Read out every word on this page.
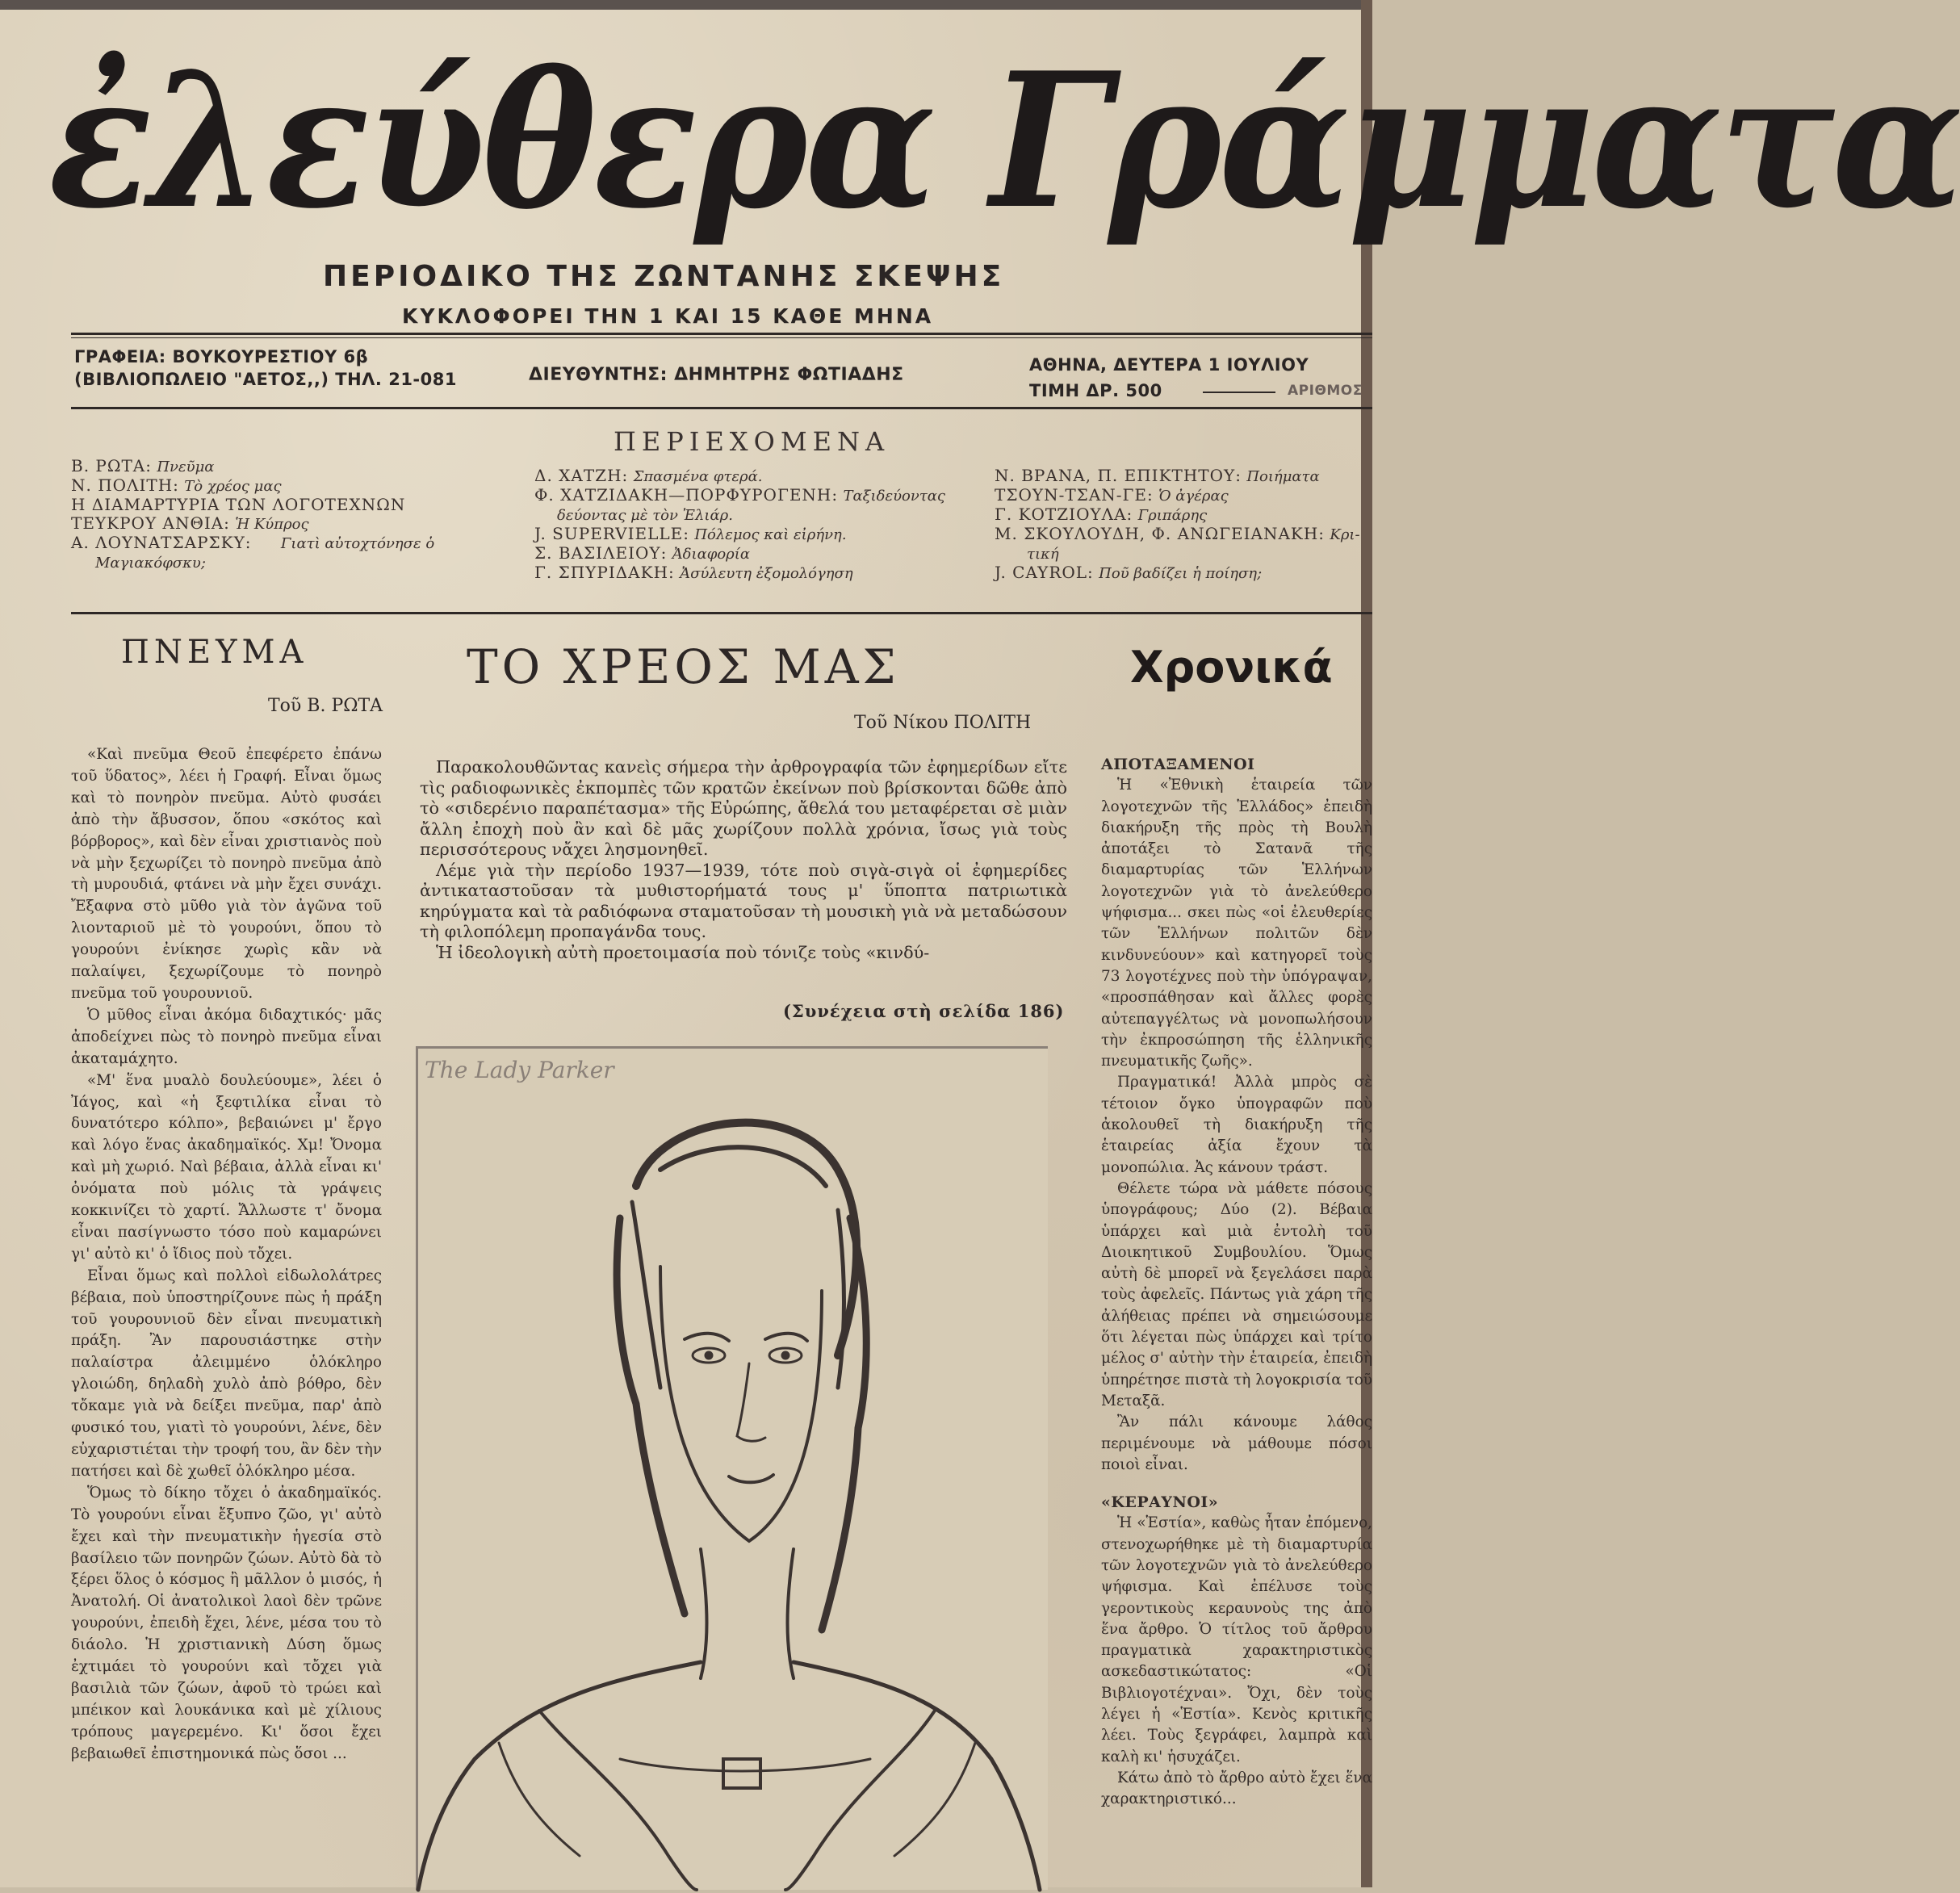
ἐλεύθερα Γράμματα
ΠΕΡΙΟΔΙΚΟ ΤΗΣ ΖΩΝΤΑΝΗΣ ΣΚΕΨΗΣ
ΚΥΚΛΟΦΟΡΕΙ ΤΗΝ 1 ΚΑΙ 15 ΚΑΘΕ ΜΗΝΑ
ΓΡΑΦΕΙΑ: ΒΟΥΚΟΥΡΕΣΤΙΟΥ 6β
(ΒΙΒΛΙΟΠΩΛΕΙΟ "ΑΕΤΟΣ,,) ΤΗΛ. 21-081	ΔΙΕΥΘΥΝΤΗΣ: ΔΗΜΗΤΡΗΣ ΦΩΤΙΑΔΗΣ	ΑΘΗΝΑ, ΔΕΥΤΕΡΑ 1 ΙΟΥΛΙΟΥ
ΤΙΜΗ ΔΡ. 500	ΑΡΙΘΜΟΣ
ΠΕΡΙΕΧΟΜΕΝΑ
Β. ΡΩΤΑ: Πνεῦμα
Ν. ΠΟΛΙΤΗ: Τὸ χρέος μας
Η ΔΙΑΜΑΡΤΥΡΙΑ ΤΩΝ ΛΟΓΟΤΕΧΝΩΝ
ΤΕΥΚΡΟΥ ΑΝΘΙΑ: Ἡ Κύπρος
Α. ΛΟΥΝΑΤΣΑΡΣΚΥ: Γιατὶ αὐτοχτόνησε ὁ
Μαγιακόφσκυ;
Δ. ΧΑΤΖΗ: Σπασμένα φτερά.
Φ. ΧΑΤΖΙΔΑΚΗ—ΠΟΡΦΥΡΟΓΕΝΗ: Ταξιδεύοντας
δεύοντας μὲ τὸν Ἐλιάρ.
J. SUPERVIELLE: Πόλεμος καὶ εἰρήνη.
Σ. ΒΑΣΙΛΕΙΟΥ: Ἀδιαφορία
Γ. ΣΠΥΡΙΔΑΚΗ: Ἀσύλευτη ἐξομολόγηση
Ν. ΒΡΑΝΑ, Π. ΕΠΙΚΤΗΤΟΥ: Ποιήματα
ΤΣΟΥΝ-ΤΣΑΝ-ΓΕ: Ὁ ἀγέρας
Γ. ΚΟΤΖΙΟΥΛΑ: Γριπάρης
Μ. ΣΚΟΥΛΟΥΔΗ, Φ. ΑΝΩΓΕΙΑΝΑΚΗ: Κρι-
τική
J. CAYROL: Ποῦ βαδίζει ἡ ποίηση;
ΠΝΕΥΜΑ
Τοῦ Β. ΡΩΤΑ

«Καὶ πνεῦμα Θεοῦ ἐπεφέρετο ἐπάνω τοῦ ὕδατος», λέει ἡ Γραφή. Εἶναι ὅμως καὶ τὸ πονηρὸν πνεῦμα. Αὐτὸ φυσάει ἀπὸ τὴν ἄβυσσον, ὅπου «σκότος καὶ βόρβορος», καὶ δὲν εἶναι χριστιανὸς ποὺ νὰ μὴν ξεχωρίζει τὸ πονηρὸ πνεῦμα ἀπὸ τὴ μυρουδιά, φτάνει νὰ μὴν ἔχει συνάχι. Ἔξαφνα στὸ μῦθο γιὰ τὸν ἀγῶνα τοῦ λιονταριοῦ μὲ τὸ γουρούνι, ὅπου τὸ γουρούνι ἐνίκησε χωρὶς κἂν νὰ παλαίψει, ξεχωρίζουμε τὸ πονηρὸ πνεῦμα τοῦ γουρουνιοῦ.

Ὁ μῦθος εἶναι ἀκόμα διδαχτικός· μᾶς ἀποδείχνει πὼς τὸ πονηρὸ πνεῦμα εἶναι ἀκαταμάχητο.

«Μ' ἕνα μυαλὸ δουλεύουμε», λέει ὁ Ἰάγος, καὶ «ἡ ξεφτιλίκα εἶναι τὸ δυνατότερο κόλπο», βεβαιώνει μ' ἔργο καὶ λόγο ἕνας ἀκαδημαϊκός. Χμ! Ὄνομα καὶ μὴ χωριό. Ναὶ βέβαια, ἀλλὰ εἶναι κι' ὀνόματα ποὺ μόλις τὰ γράψεις κοκκινίζει τὸ χαρτί. Ἄλλωστε τ' ὄνομα εἶναι πασίγνωστο τόσο ποὺ καμαρώνει γι' αὐτὸ κι' ὁ ἴδιος ποὺ τὄχει.

Εἶναι ὅμως καὶ πολλοὶ εἰδωλολάτρες βέβαια, ποὺ ὑποστηρίζουνε πὼς ἡ πράξη τοῦ γουρουνιοῦ δὲν εἶναι πνευματικὴ πράξη. Ἂν παρουσιάστηκε στὴν παλαίστρα ἀλειμμένο ὁλόκληρο γλοιώδη, δηλαδὴ χυλὸ ἀπὸ βόθρο, δὲν τὄκαμε γιὰ νὰ δείξει πνεῦμα, παρ' ἀπὸ φυσικό του, γιατὶ τὸ γουρούνι, λένε, δὲν εὐχαριστιέται τὴν τροφή του, ἂν δὲν τὴν πατήσει καὶ δὲ χωθεῖ ὁλόκληρο μέσα.

Ὅμως τὸ δίκηο τὄχει ὁ ἀκαδημαϊκός. Τὸ γουρούνι εἶναι ἔξυπνο ζῶο, γι' αὐτὸ ἔχει καὶ τὴν πνευματικὴν ἡγεσία στὸ βασίλειο τῶν πονηρῶν ζώων. Αὐτὸ δὰ τὸ ξέρει ὅλος ὁ κόσμος ἢ μᾶλλον ὁ μισός, ἡ Ἀνατολή. Οἱ ἀνατολικοὶ λαοὶ δὲν τρῶνε γουρούνι, ἐπειδὴ ἔχει, λένε, μέσα του τὸ διάολο. Ἡ χριστιανικὴ Δύση ὅμως ἐχτιμάει τὸ γουρούνι καὶ τὄχει γιὰ βασιλιὰ τῶν ζώων, ἀφοῦ τὸ τρώει καὶ μπέικον καὶ λουκάνικα καὶ μὲ χίλιους τρόπους μαγερεμένο. Κι' ὅσοι ἔχει βεβαιωθεῖ ἐπιστημονικά πὼς ὅσοι ...

ΤΟ ΧΡΕΟΣ ΜΑΣ
Τοῦ Νίκου ΠΟΛΙΤΗ

Παρακολουθῶντας κανεὶς σήμερα τὴν ἀρθρογραφία τῶν ἐφημερίδων εἴτε τὶς ραδιοφωνικὲς ἐκπομπὲς τῶν κρατῶν ἐκείνων ποὺ βρίσκονται δῶθε ἀπὸ τὸ «σιδερένιο παραπέτασμα» τῆς Εὐρώπης, ἄθελά του μεταφέρεται σὲ μιὰν ἄλλη ἐποχὴ ποὺ ἂν καὶ δὲ μᾶς χωρίζουν πολλὰ χρόνια, ἴσως γιὰ τοὺς περισσότερους νἄχει λησμονηθεῖ.

Λέμε γιὰ τὴν περίοδο 1937—1939, τότε ποὺ σιγὰ-σιγὰ οἱ ἐφημερίδες ἀντικαταστοῦσαν τὰ μυθιστορήματά τους μ' ὕποπτα πατριωτικὰ κηρύγματα καὶ τὰ ραδιόφωνα σταματοῦσαν τὴ μουσικὴ γιὰ νὰ μεταδώσουν τὴ φιλοπόλεμη προπαγάνδα τους.

Ἡ ἰδεολογικὴ αὐτὴ προετοιμασία ποὺ τόνιζε τοὺς «κινδύ-

(Συνέχεια στὴ σελίδα 186)
The Lady Parker
Χρονικά

ΑΠΟΤΑΞΑΜΕΝΟΙ

Ἡ «Ἐθνικὴ ἑταιρεία τῶν λογοτεχνῶν τῆς Ἑλλάδος» ἐπειδὴ διακήρυξη τῆς πρὸς τὴ Βουλὴ ἀποτάξει τὸ Σατανᾶ τῆς διαμαρτυρίας τῶν Ἑλλήνων λογοτεχνῶν γιὰ τὸ ἀνελεύθερο ψήφισμα... σκει πὼς «οἱ ἐλευθερίες τῶν Ἑλλήνων πολιτῶν δὲν κινδυνεύουν» καὶ κατηγορεῖ τοὺς 73 λογοτέχνες ποὺ τὴν ὑπόγραψαν, «προσπάθησαν καὶ ἄλλες φορὲς αὐτεπαγγέλτως νὰ μονοπωλήσουν τὴν ἐκπροσώπηση τῆς ἑλληνικῆς πνευματικῆς ζωῆς».

Πραγματικά! Ἀλλὰ μπρὸς σὲ τέτοιον ὄγκο ὑπογραφῶν ποὺ ἀκολουθεῖ τὴ διακήρυξη τῆς ἑταιρείας ἀξία ἔχουν τὰ μονοπώλια. Ἀς κάνουν τράστ.

Θέλετε τώρα νὰ μάθετε πόσους ὑπογράφους; Δύο (2). Βέβαια ὑπάρχει καὶ μιὰ ἐντολὴ τοῦ Διοικητικοῦ Συμβουλίου. Ὅμως αὐτὴ δὲ μπορεῖ νὰ ξεγελάσει παρὰ τοὺς ἀφελεῖς. Πάντως γιὰ χάρη τῆς ἀλήθειας πρέπει νὰ σημειώσουμε ὅτι λέγεται πὼς ὑπάρχει καὶ τρίτο μέλος σ' αὐτὴν τὴν ἑταιρεία, ἐπειδὴ ὑπηρέτησε πιστὰ τὴ λογοκρισία τοῦ Μεταξᾶ.

Ἂν πάλι κάνουμε λάθος περιμένουμε νὰ μάθουμε πόσοι ποιοὶ εἶναι.

«ΚΕΡΑΥΝΟΙ»

Ἡ «Ἑστία», καθὼς ἦταν ἐπόμενο, στενοχωρήθηκε μὲ τὴ διαμαρτυρία τῶν λογοτεχνῶν γιὰ τὸ ἀνελεύθερο ψήφισμα. Καὶ ἐπέλυσε τοὺς γεροντικοὺς κεραυνοὺς της ἀπὸ ἕνα ἄρθρο. Ὁ τίτλος τοῦ ἄρθρου πραγματικὰ χαρακτηριστικὸς ασκεδαστικώτατος: «Οἱ Βιβλιογοτέχναι». Ὄχι, δὲν τοὺς λέγει ἡ «Ἑστία». Κενὸς κριτικῆς λέει. Τοὺς ξεγράφει, λαμπρὰ καὶ καλὴ κι' ἡσυχάζει.

Κάτω ἀπὸ τὸ ἄρθρο αὐτὸ ἔχει ἕνα χαρακτηριστικό...
